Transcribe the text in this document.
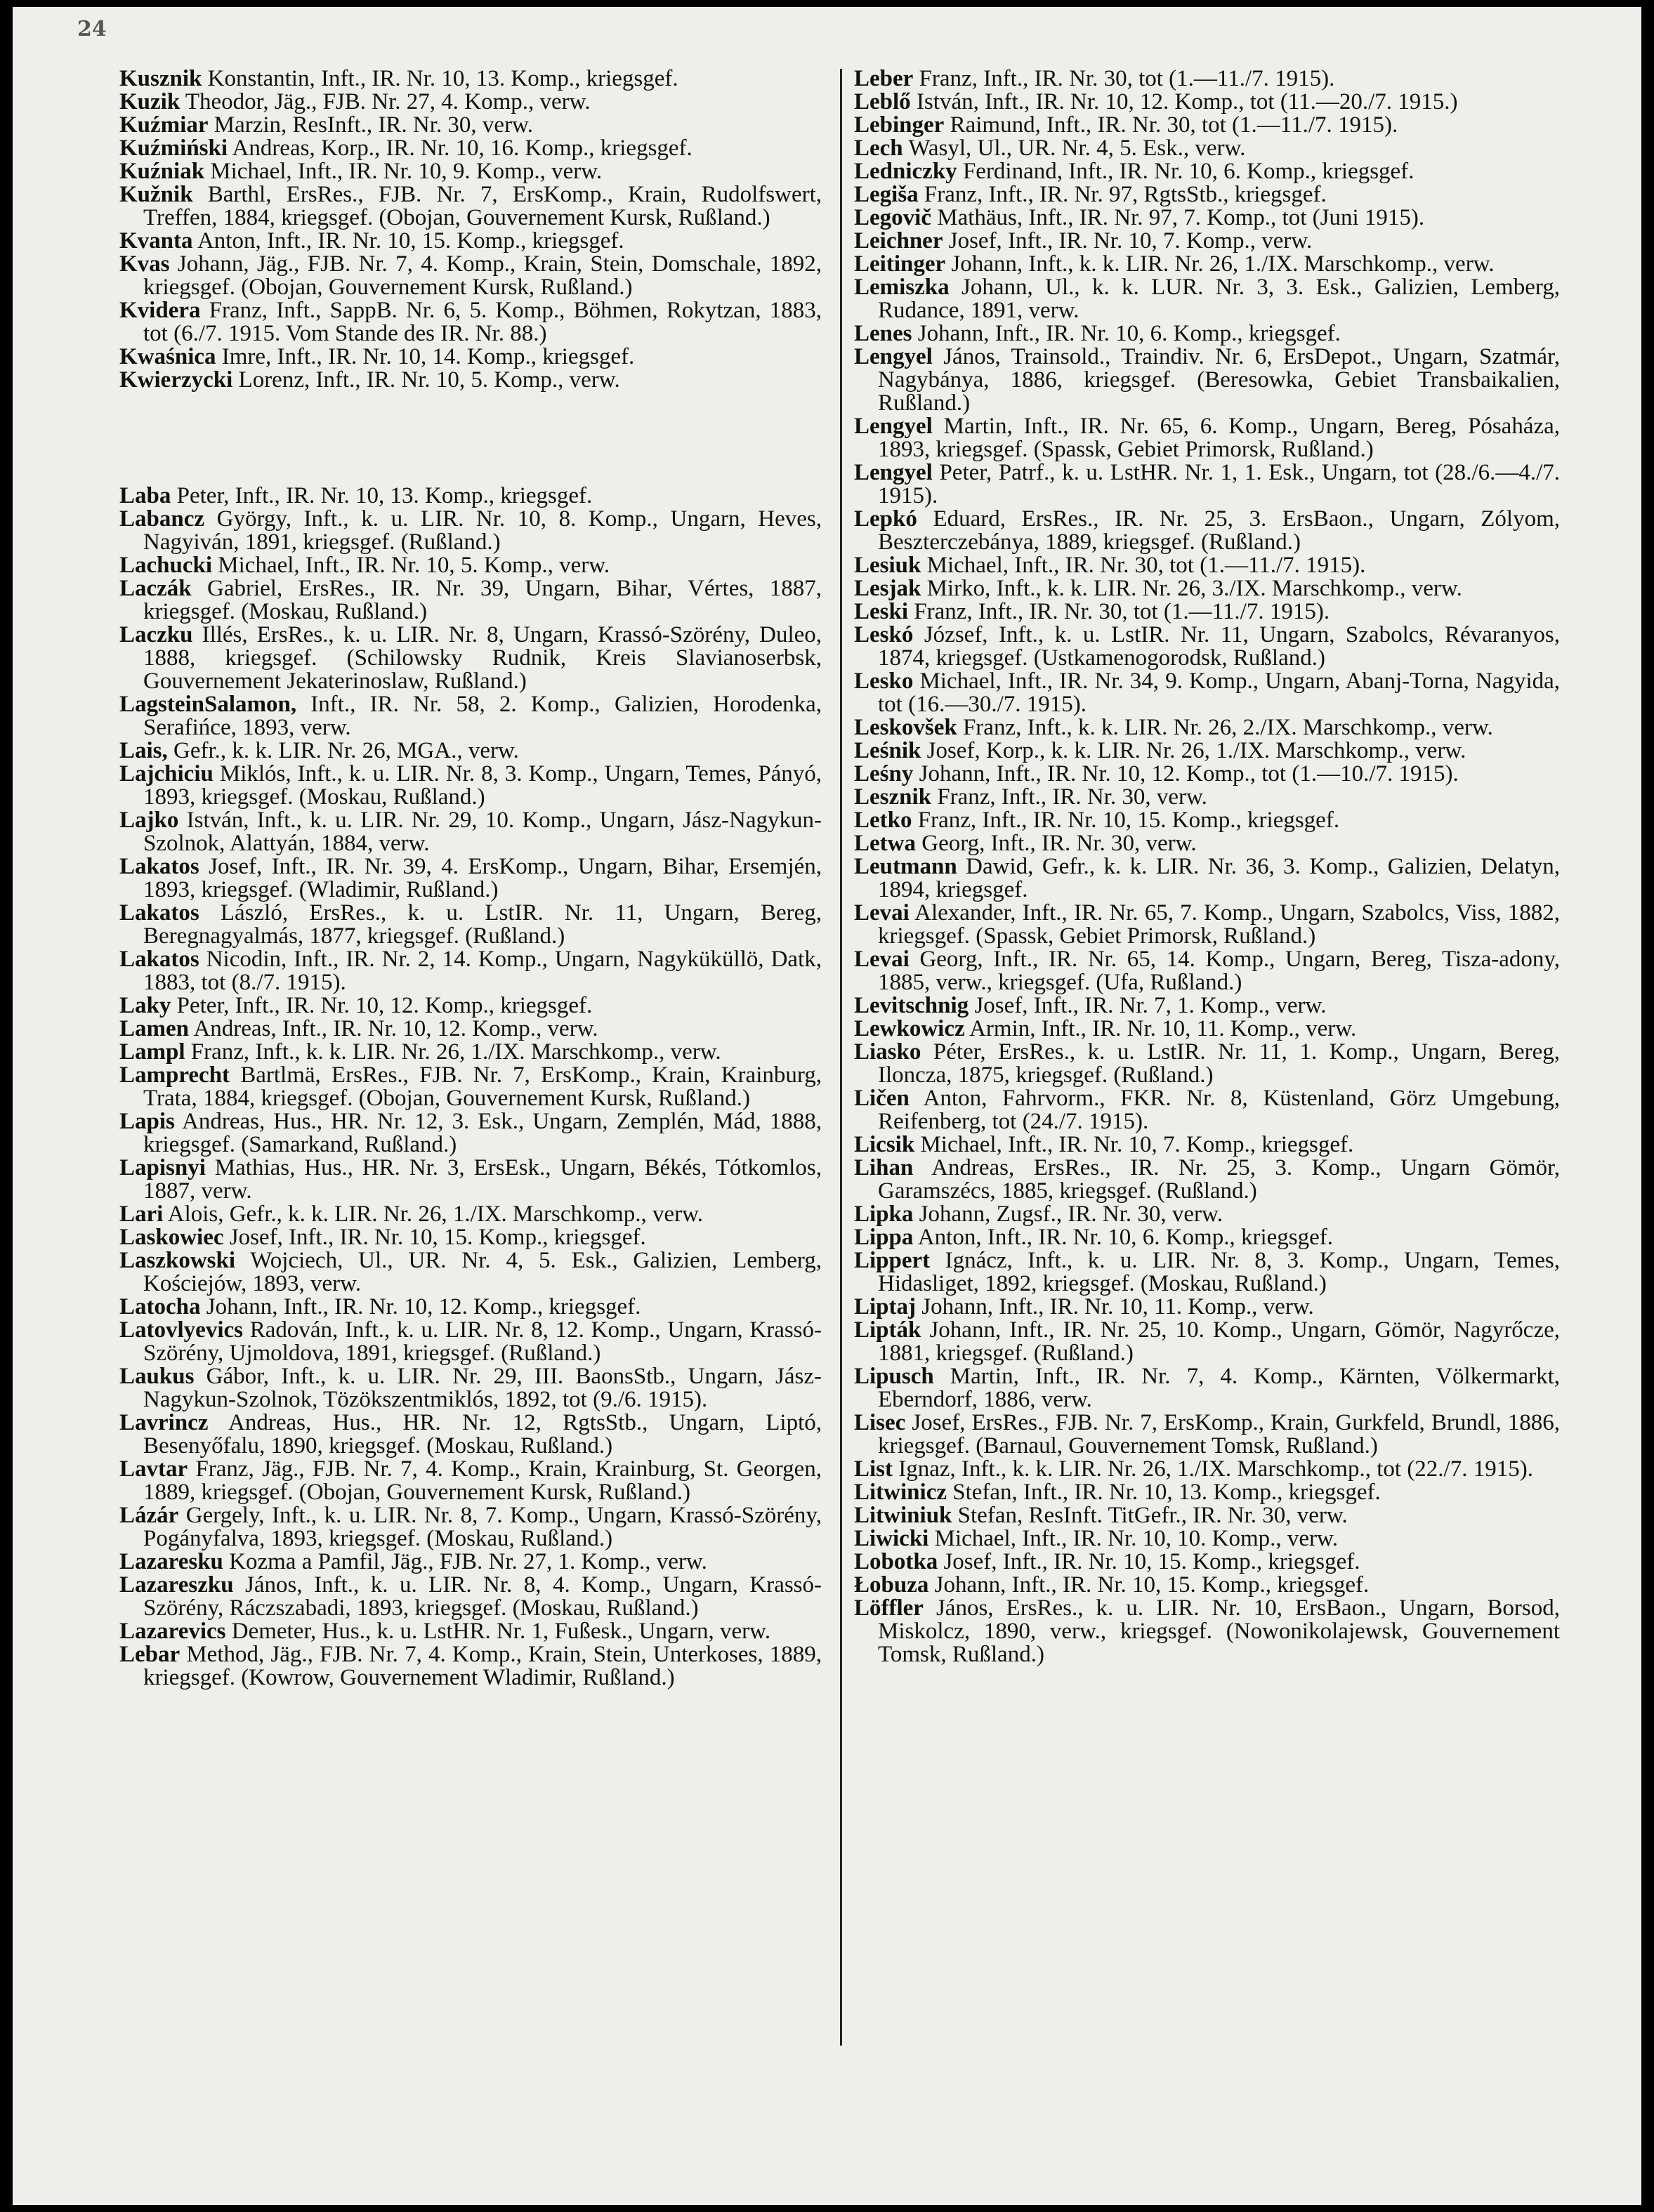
24
Kusznik Konstantin, Inft., IR. Nr. 10, 13. Komp., kriegsgef.
Kuzik Theodor, Jäg., FJB. Nr. 27, 4. Komp., verw.
Kuźmiar Marzin, ResInft., IR. Nr. 30, verw.
Kuźmiński Andreas, Korp., IR. Nr. 10, 16. Komp., kriegsgef.
Kuźniak Michael, Inft., IR. Nr. 10, 9. Komp., verw.
Kužnik Barthl, ErsRes., FJB. Nr. 7, ErsKomp., Krain, Rudolfswert, Treffen, 1884, kriegsgef. (Obojan, Gouvernement Kursk, Rußland.)
Kvanta Anton, Inft., IR. Nr. 10, 15. Komp., kriegsgef.
Kvas Johann, Jäg., FJB. Nr. 7, 4. Komp., Krain, Stein, Domschale, 1892, kriegsgef. (Obojan, Gouvernement Kursk, Rußland.)
Kvidera Franz, Inft., SappB. Nr. 6, 5. Komp., Böhmen, Rokytzan, 1883, tot (6./7. 1915. Vom Stande des IR. Nr. 88.)
Kwaśnica Imre, Inft., IR. Nr. 10, 14. Komp., kriegsgef.
Kwierzycki Lorenz, Inft., IR. Nr. 10, 5. Komp., verw.
Laba Peter, Inft., IR. Nr. 10, 13. Komp., kriegsgef.
Labancz György, Inft., k. u. LIR. Nr. 10, 8. Komp., Ungarn, Heves, Nagyiván, 1891, kriegsgef. (Rußland.)
Lachucki Michael, Inft., IR. Nr. 10, 5. Komp., verw.
Laczák Gabriel, ErsRes., IR. Nr. 39, Ungarn, Bihar, Vértes, 1887, kriegsgef. (Moskau, Rußland.)
Laczku Illés, ErsRes., k. u. LIR. Nr. 8, Ungarn, Krassó-Szörény, Duleo, 1888, kriegsgef. (Schilowsky Rudnik, Kreis Slavianoserbsk, Gouvernement Jekaterinoslaw, Rußland.)
LagsteinSalamon, Inft., IR. Nr. 58, 2. Komp., Galizien, Horodenka, Serafińce, 1893, verw.
Lais, Gefr., k. k. LIR. Nr. 26, MGA., verw.
Lajchiciu Miklós, Inft., k. u. LIR. Nr. 8, 3. Komp., Ungarn, Temes, Pányó, 1893, kriegsgef. (Moskau, Rußland.)
Lajko István, Inft., k. u. LIR. Nr. 29, 10. Komp., Ungarn, Jász-Nagykun-Szolnok, Alattyán, 1884, verw.
Lakatos Josef, Inft., IR. Nr. 39, 4. ErsKomp., Ungarn, Bihar, Ersemjén, 1893, kriegsgef. (Wladimir, Rußland.)
Lakatos László, ErsRes., k. u. LstIR. Nr. 11, Ungarn, Bereg, Beregnagyalmás, 1877, kriegsgef. (Rußland.)
Lakatos Nicodin, Inft., IR. Nr. 2, 14. Komp., Ungarn, Nagyküküllö, Datk, 1883, tot (8./7. 1915).
Laky Peter, Inft., IR. Nr. 10, 12. Komp., kriegsgef.
Lamen Andreas, Inft., IR. Nr. 10, 12. Komp., verw.
Lampl Franz, Inft., k. k. LIR. Nr. 26, 1./IX. Marschkomp., verw.
Lamprecht Bartlmä, ErsRes., FJB. Nr. 7, ErsKomp., Krain, Krainburg, Trata, 1884, kriegsgef. (Obojan, Gouvernement Kursk, Rußland.)
Lapis Andreas, Hus., HR. Nr. 12, 3. Esk., Ungarn, Zemplén, Mád, 1888, kriegsgef. (Samarkand, Rußland.)
Lapisnyi Mathias, Hus., HR. Nr. 3, ErsEsk., Ungarn, Békés, Tótkomlos, 1887, verw.
Lari Alois, Gefr., k. k. LIR. Nr. 26, 1./IX. Marschkomp., verw.
Laskowiec Josef, Inft., IR. Nr. 10, 15. Komp., kriegsgef.
Laszkowski Wojciech, Ul., UR. Nr. 4, 5. Esk., Galizien, Lemberg, Kościejów, 1893, verw.
Latocha Johann, Inft., IR. Nr. 10, 12. Komp., kriegsgef.
Latovlyevics Radován, Inft., k. u. LIR. Nr. 8, 12. Komp., Ungarn, Krassó-Szörény, Ujmoldova, 1891, kriegsgef. (Rußland.)
Laukus Gábor, Inft., k. u. LIR. Nr. 29, III. BaonsStb., Ungarn, Jász-Nagykun-Szolnok, Tözökszentmiklós, 1892, tot (9./6. 1915).
Lavrincz Andreas, Hus., HR. Nr. 12, RgtsStb., Ungarn, Liptó, Besenyőfalu, 1890, kriegsgef. (Moskau, Rußland.)
Lavtar Franz, Jäg., FJB. Nr. 7, 4. Komp., Krain, Krainburg, St. Georgen, 1889, kriegsgef. (Obojan, Gouvernement Kursk, Rußland.)
Lázár Gergely, Inft., k. u. LIR. Nr. 8, 7. Komp., Ungarn, Krassó-Szörény, Pogányfalva, 1893, kriegsgef. (Moskau, Rußland.)
Lazaresku Kozma a Pamfil, Jäg., FJB. Nr. 27, 1. Komp., verw.
Lazareszku János, Inft., k. u. LIR. Nr. 8, 4. Komp., Ungarn, Krassó-Szörény, Ráczszabadi, 1893, kriegsgef. (Moskau, Rußland.)
Lazarevics Demeter, Hus., k. u. LstHR. Nr. 1, Fußesk., Ungarn, verw.
Lebar Method, Jäg., FJB. Nr. 7, 4. Komp., Krain, Stein, Unterkoses, 1889, kriegsgef. (Kowrow, Gouvernement Wladimir, Rußland.)
Leber Franz, Inft., IR. Nr. 30, tot (1.—11./7. 1915).
Leblő István, Inft., IR. Nr. 10, 12. Komp., tot (11.—20./7. 1915.)
Lebinger Raimund, Inft., IR. Nr. 30, tot (1.—11./7. 1915).
Lech Wasyl, Ul., UR. Nr. 4, 5. Esk., verw.
Ledniczky Ferdinand, Inft., IR. Nr. 10, 6. Komp., kriegsgef.
Legiša Franz, Inft., IR. Nr. 97, RgtsStb., kriegsgef.
Legovič Mathäus, Inft., IR. Nr. 97, 7. Komp., tot (Juni 1915).
Leichner Josef, Inft., IR. Nr. 10, 7. Komp., verw.
Leitinger Johann, Inft., k. k. LIR. Nr. 26, 1./IX. Marschkomp., verw.
Lemiszka Johann, Ul., k. k. LUR. Nr. 3, 3. Esk., Galizien, Lemberg, Rudance, 1891, verw.
Lenes Johann, Inft., IR. Nr. 10, 6. Komp., kriegsgef.
Lengyel János, Trainsold., Traindiv. Nr. 6, ErsDepot., Ungarn, Szatmár, Nagybánya, 1886, kriegsgef. (Beresowka, Gebiet Transbaikalien, Rußland.)
Lengyel Martin, Inft., IR. Nr. 65, 6. Komp., Ungarn, Bereg, Pósaháza, 1893, kriegsgef. (Spassk, Gebiet Primorsk, Rußland.)
Lengyel Peter, Patrf., k. u. LstHR. Nr. 1, 1. Esk., Ungarn, tot (28./6.—4./7. 1915).
Lepkó Eduard, ErsRes., IR. Nr. 25, 3. ErsBaon., Ungarn, Zólyom, Beszterczebánya, 1889, kriegsgef. (Rußland.)
Lesiuk Michael, Inft., IR. Nr. 30, tot (1.—11./7. 1915).
Lesjak Mirko, Inft., k. k. LIR. Nr. 26, 3./IX. Marschkomp., verw.
Leski Franz, Inft., IR. Nr. 30, tot (1.—11./7. 1915).
Leskó József, Inft., k. u. LstIR. Nr. 11, Ungarn, Szabolcs, Révaranyos, 1874, kriegsgef. (Ustkamenogorodsk, Rußland.)
Lesko Michael, Inft., IR. Nr. 34, 9. Komp., Ungarn, Abanj-Torna, Nagyida, tot (16.—30./7. 1915).
Leskovšek Franz, Inft., k. k. LIR. Nr. 26, 2./IX. Marschkomp., verw.
Leśnik Josef, Korp., k. k. LIR. Nr. 26, 1./IX. Marschkomp., verw.
Leśny Johann, Inft., IR. Nr. 10, 12. Komp., tot (1.—10./7. 1915).
Lesznik Franz, Inft., IR. Nr. 30, verw.
Letko Franz, Inft., IR. Nr. 10, 15. Komp., kriegsgef.
Letwa Georg, Inft., IR. Nr. 30, verw.
Leutmann Dawid, Gefr., k. k. LIR. Nr. 36, 3. Komp., Galizien, Delatyn, 1894, kriegsgef.
Levai Alexander, Inft., IR. Nr. 65, 7. Komp., Ungarn, Szabolcs, Viss, 1882, kriegsgef. (Spassk, Gebiet Primorsk, Rußland.)
Levai Georg, Inft., IR. Nr. 65, 14. Komp., Ungarn, Bereg, Tisza-adony, 1885, verw., kriegsgef. (Ufa, Rußland.)
Levitschnig Josef, Inft., IR. Nr. 7, 1. Komp., verw.
Lewkowicz Armin, Inft., IR. Nr. 10, 11. Komp., verw.
Liasko Péter, ErsRes., k. u. LstIR. Nr. 11, 1. Komp., Ungarn, Bereg, Iloncza, 1875, kriegsgef. (Rußland.)
Ličen Anton, Fahrvorm., FKR. Nr. 8, Küstenland, Görz Umgebung, Reifenberg, tot (24./7. 1915).
Licsik Michael, Inft., IR. Nr. 10, 7. Komp., kriegsgef.
Lihan Andreas, ErsRes., IR. Nr. 25, 3. Komp., Ungarn Gömör, Garamszécs, 1885, kriegsgef. (Rußland.)
Lipka Johann, Zugsf., IR. Nr. 30, verw.
Lippa Anton, Inft., IR. Nr. 10, 6. Komp., kriegsgef.
Lippert Ignácz, Inft., k. u. LIR. Nr. 8, 3. Komp., Ungarn, Temes, Hidasliget, 1892, kriegsgef. (Moskau, Rußland.)
Liptaj Johann, Inft., IR. Nr. 10, 11. Komp., verw.
Lipták Johann, Inft., IR. Nr. 25, 10. Komp., Ungarn, Gömör, Nagyrőcze, 1881, kriegsgef. (Rußland.)
Lipusch Martin, Inft., IR. Nr. 7, 4. Komp., Kärnten, Völkermarkt, Eberndorf, 1886, verw.
Lisec Josef, ErsRes., FJB. Nr. 7, ErsKomp., Krain, Gurkfeld, Brundl, 1886, kriegsgef. (Barnaul, Gouvernement Tomsk, Rußland.)
List Ignaz, Inft., k. k. LIR. Nr. 26, 1./IX. Marschkomp., tot (22./7. 1915).
Litwinicz Stefan, Inft., IR. Nr. 10, 13. Komp., kriegsgef.
Litwiniuk Stefan, ResInft. TitGefr., IR. Nr. 30, verw.
Liwicki Michael, Inft., IR. Nr. 10, 10. Komp., verw.
Lobotka Josef, Inft., IR. Nr. 10, 15. Komp., kriegsgef.
Łobuza Johann, Inft., IR. Nr. 10, 15. Komp., kriegsgef.
Löffler János, ErsRes., k. u. LIR. Nr. 10, ErsBaon., Ungarn, Borsod, Miskolcz, 1890, verw., kriegsgef. (Nowonikolajewsk, Gouvernement Tomsk, Rußland.)
